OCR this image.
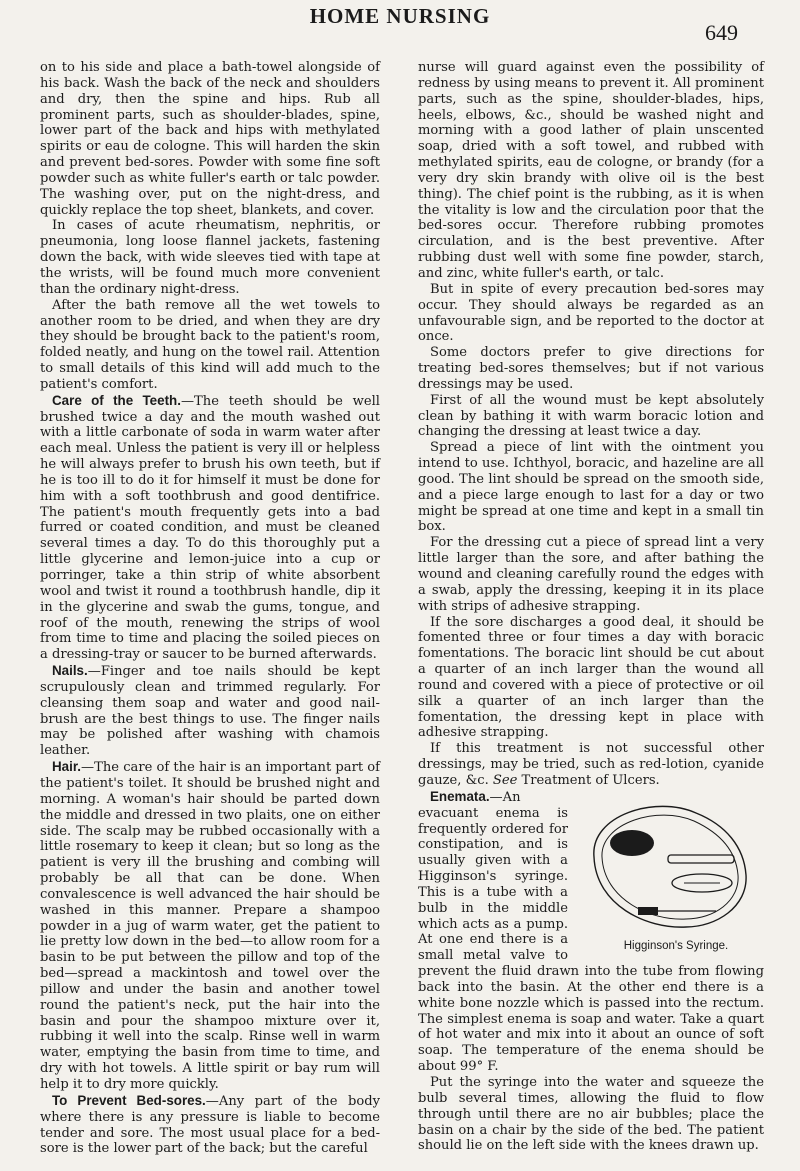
HOME NURSING
649

on to his side and place a bath-towel alongside of his back. Wash the back of the neck and shoulders and dry, then the spine and hips. Rub all prominent parts, such as shoulder-blades, spine, lower part of the back and hips with methylated spirits or eau de cologne. This will harden the skin and prevent bed-sores. Powder with some fine soft powder such as white fuller's earth or talc powder. The washing over, put on the night-dress, and quickly replace the top sheet, blankets, and cover.

In cases of acute rheumatism, nephritis, or pneumonia, long loose flannel jackets, fastening down the back, with wide sleeves tied with tape at the wrists, will be found much more convenient than the ordinary night-dress.

After the bath remove all the wet towels to another room to be dried, and when they are dry they should be brought back to the patient's room, folded neatly, and hung on the towel rail. Attention to small details of this kind will add much to the patient's comfort.

Care of the Teeth.—The teeth should be well brushed twice a day and the mouth washed out with a little carbonate of soda in warm water after each meal. Unless the patient is very ill or helpless he will always prefer to brush his own teeth, but if he is too ill to do it for himself it must be done for him with a soft toothbrush and good dentifrice. The patient's mouth frequently gets into a bad furred or coated condition, and must be cleaned several times a day. To do this thoroughly put a little glycerine and lemon-juice into a cup or porringer, take a thin strip of white absorbent wool and twist it round a toothbrush handle, dip it in the glycerine and swab the gums, tongue, and roof of the mouth, renewing the strips of wool from time to time and placing the soiled pieces on a dressing-tray or saucer to be burned afterwards.

Nails.—Finger and toe nails should be kept scrupulously clean and trimmed regularly. For cleansing them soap and water and good nail-brush are the best things to use. The finger nails may be polished after washing with chamois leather.

Hair.—The care of the hair is an important part of the patient's toilet. It should be brushed night and morning. A woman's hair should be parted down the middle and dressed in two plaits, one on either side. The scalp may be rubbed occasionally with a little rosemary to keep it clean; but so long as the patient is very ill the brushing and combing will probably be all that can be done. When convalescence is well advanced the hair should be washed in this manner. Prepare a shampoo powder in a jug of warm water, get the patient to lie pretty low down in the bed—to allow room for a basin to be put between the pillow and top of the bed—spread a mackintosh and towel over the pillow and under the basin and another towel round the patient's neck, put the hair into the basin and pour the shampoo mixture over it, rubbing it well into the scalp. Rinse well in warm water, emptying the basin from time to time, and dry with hot towels. A little spirit or bay rum will help it to dry more quickly.

To Prevent Bed-sores.—Any part of the body where there is any pressure is liable to become tender and sore. The most usual place for a bed-sore is the lower part of the back; but the careful

nurse will guard against even the possibility of redness by using means to prevent it. All prominent parts, such as the spine, shoulder-blades, hips, heels, elbows, &c., should be washed night and morning with a good lather of plain unscented soap, dried with a soft towel, and rubbed with methylated spirits, eau de cologne, or brandy (for a very dry skin brandy with olive oil is the best thing). The chief point is the rubbing, as it is when the vitality is low and the circulation poor that the bed-sores occur. Therefore rubbing promotes circulation, and is the best preventive. After rubbing dust well with some fine powder, starch, and zinc, white fuller's earth, or talc.

But in spite of every precaution bed-sores may occur. They should always be regarded as an unfavourable sign, and be reported to the doctor at once.

Some doctors prefer to give directions for treating bed-sores themselves; but if not various dressings may be used.

First of all the wound must be kept absolutely clean by bathing it with warm boracic lotion and changing the dressing at least twice a day.

Spread a piece of lint with the ointment you intend to use. Ichthyol, boracic, and hazeline are all good. The lint should be spread on the smooth side, and a piece large enough to last for a day or two might be spread at one time and kept in a small tin box.

For the dressing cut a piece of spread lint a very little larger than the sore, and after bathing the wound and cleaning carefully round the edges with a swab, apply the dressing, keeping it in its place with strips of adhesive strapping.

If the sore discharges a good deal, it should be fomented three or four times a day with boracic fomentations. The boracic lint should be cut about a quarter of an inch larger than the wound all round and covered with a piece of protective or oil silk a quarter of an inch larger than the fomentation, the dressing kept in place with adhesive strapping.

If this treatment is not successful other dressings, may be tried, such as red-lotion, cyanide gauze, &c. See Treatment of Ulcers.

Higginson's Syringe.
Enemata.—An evacuant enema is frequently ordered for constipation, and is usually given with a Higginson's syringe. This is a tube with a bulb in the middle which acts as a pump. At one end there is a small metal valve to prevent the fluid drawn into the tube from flowing back into the basin. At the other end there is a white bone nozzle which is passed into the rectum. The simplest enema is soap and water. Take a quart of hot water and mix into it about an ounce of soft soap. The temperature of the enema should be about 99° F.

Put the syringe into the water and squeeze the bulb several times, allowing the fluid to flow through until there are no air bubbles; place the basin on a chair by the side of the bed. The patient should lie on the left side with the knees drawn up.
